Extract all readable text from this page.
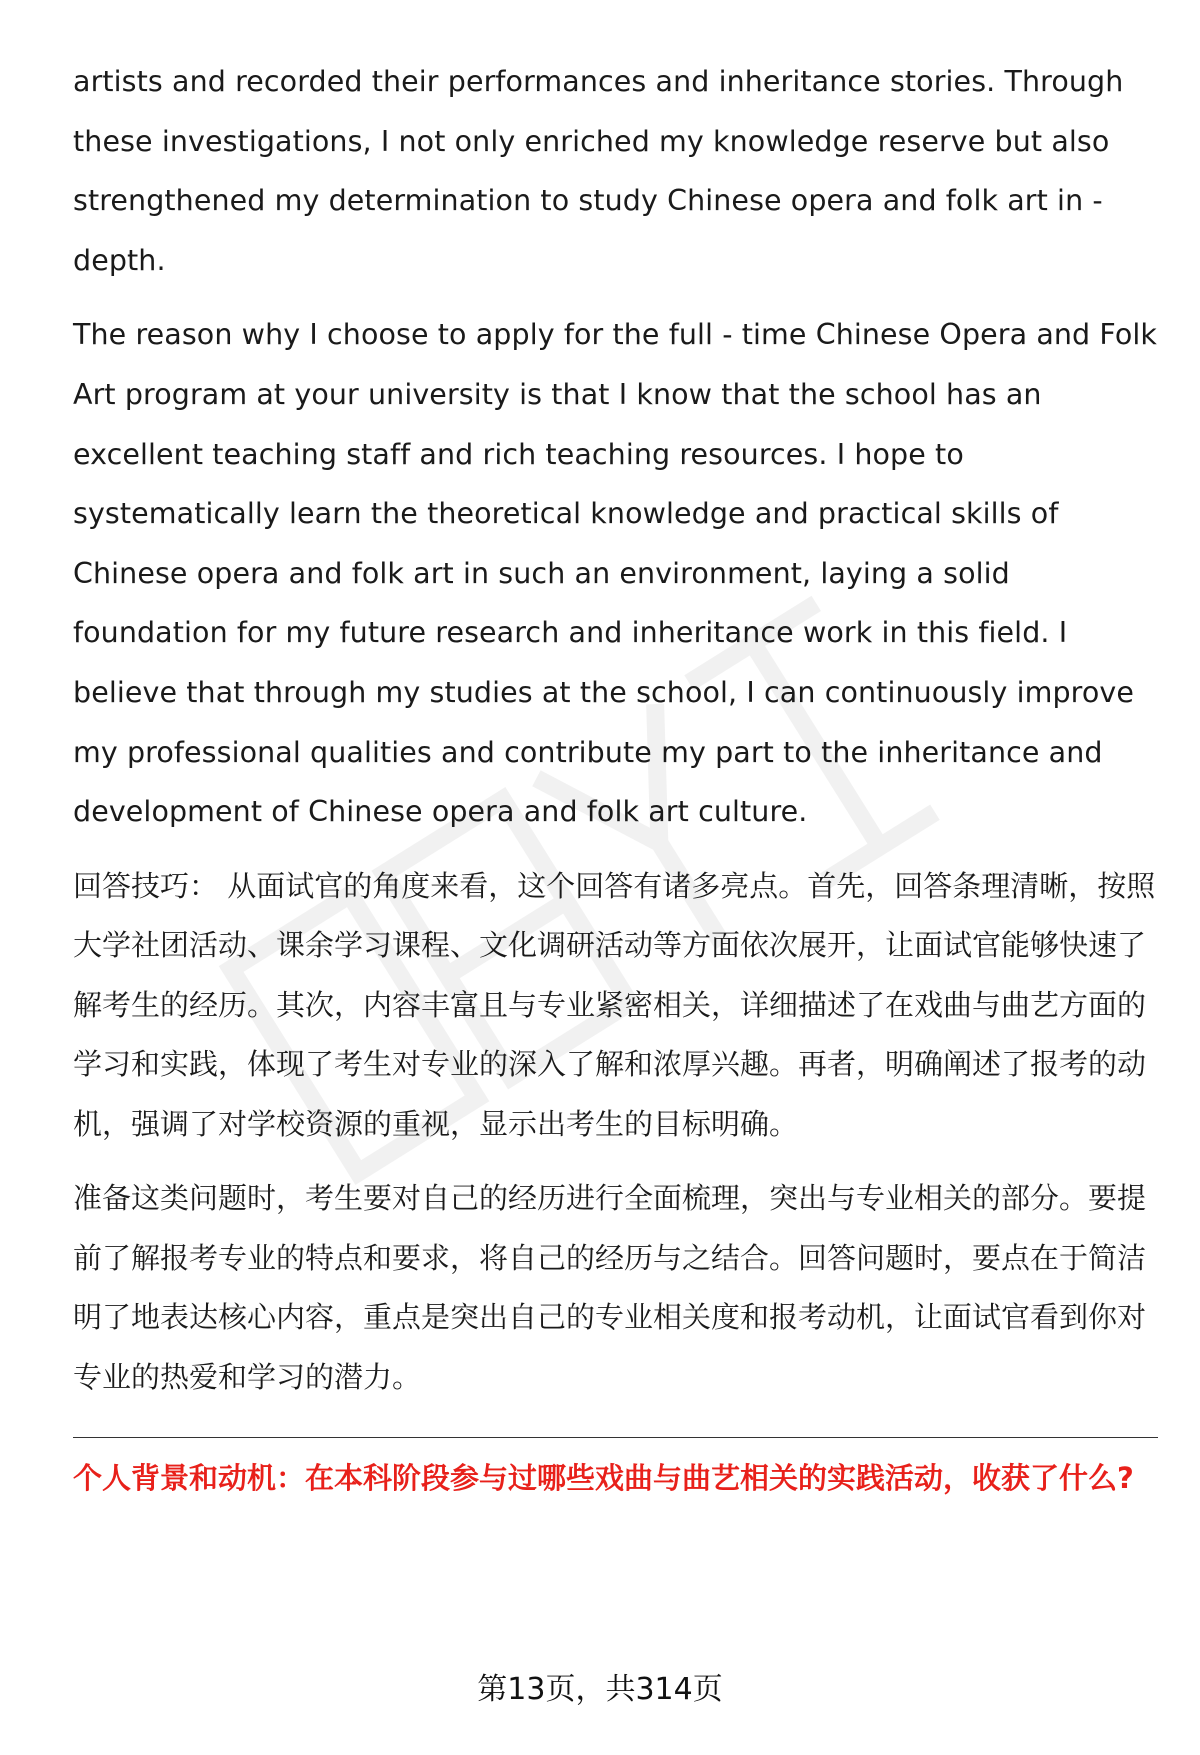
artists and recorded their performances and inheritance stories. Through these investigations, I not only enriched my knowledge reserve but also strengthened my determination to study Chinese opera and folk art in - depth.

The reason why I choose to apply for the full - time Chinese Opera and Folk Art program at your university is that I know that the school has an excellent teaching staff and rich teaching resources. I hope to systematically learn the theoretical knowledge and practical skills of Chinese opera and folk art in such an environment, laying a solid foundation for my future research and inheritance work in this field. I believe that through my studies at the school, I can continuously improve my professional qualities and contribute my part to the inheritance and development of Chinese opera and folk art culture.

回答技巧： 从面试官的角度来看，这个回答有诸多亮点。首先，回答条理清晰，按照大学社团活动、课余学习课程、文化调研活动等方面依次展开，让面试官能够快速了解考生的经历。其次，内容丰富且与专业紧密相关，详细描述了在戏曲与曲艺方面的学习和实践，体现了考生对专业的深入了解和浓厚兴趣。再者，明确阐述了报考的动机，强调了对学校资源的重视，显示出考生的目标明确。

准备这类问题时，考生要对自己的经历进行全面梳理，突出与专业相关的部分。要提前了解报考专业的特点和要求，将自己的经历与之结合。回答问题时，要点在于简洁明了地表达核心内容，重点是突出自己的专业相关度和报考动机，让面试官看到你对专业的热爱和学习的潜力。

个人背景和动机：在本科阶段参与过哪些戏曲与曲艺相关的实践活动，收获了什么?

第13页，共314页
